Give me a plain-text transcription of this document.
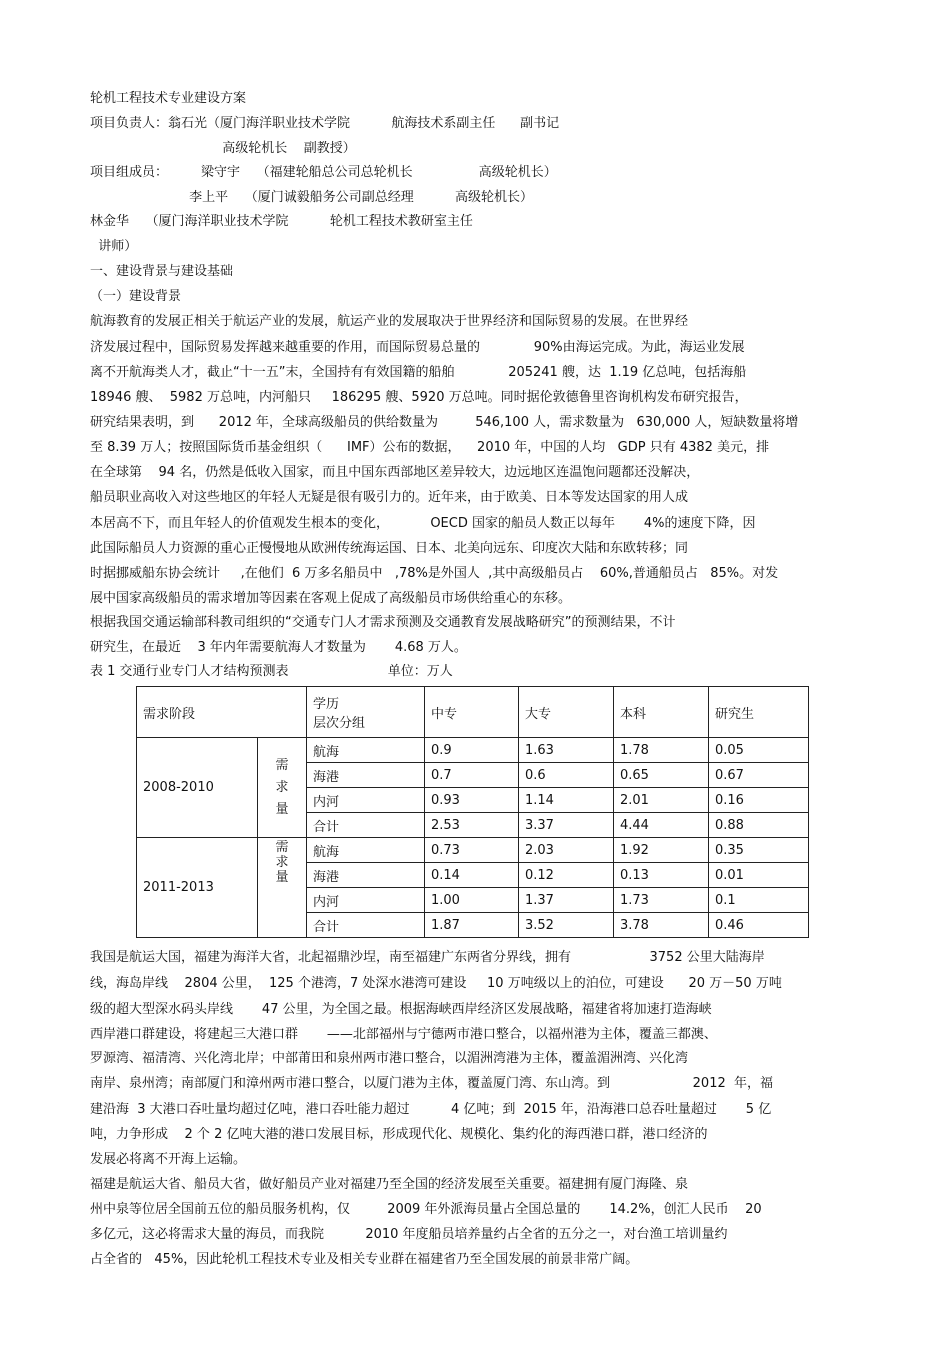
轮机工程技术专业建设方案
项目负责人：翁石光（厦门海洋职业技术学院          航海技术系副主任      副书记
高级轮机长    副教授）
项目组成员：        梁守宇    （福建轮船总公司总轮机长                高级轮机长）
李上平    （厦门诚毅船务公司副总经理          高级轮机长）
林金华    （厦门海洋职业技术学院          轮机工程技术教研室主任
讲师）
一、建设背景与建设基础
（一）建设背景
航海教育的发展正相关于航运产业的发展，航运产业的发展取决于世界经济和国际贸易的发展。在世界经
济发展过程中，国际贸易发挥越来越重要的作用，而国际贸易总量的             90%由海运完成。为此，海运业发展
离不开航海类人才，截止“十一五”末，全国持有有效国籍的船舶             205241 艘，达  1.19 亿总吨，包括海船
18946 艘、  5982 万总吨，内河船只     186295 艘、5920 万总吨。同时据伦敦德鲁里咨询机构发布研究报告，
研究结果表明，到      2012 年，全球高级船员的供给数量为         546,100 人，需求数量为   630,000 人，短缺数量将增
至 8.39 万人；按照国际货币基金组织（      IMF）公布的数据，    2010 年，中国的人均   GDP 只有 4382 美元，排
在全球第    94 名，仍然是低收入国家，而且中国东西部地区差异较大，边远地区连温饱问题都还没解决，
船员职业高收入对这些地区的年轻人无疑是很有吸引力的。近年来，由于欧美、日本等发达国家的用人成
本居高不下，而且年轻人的价值观发生根本的变化，          OECD 国家的船员人数正以每年       4%的速度下降，因
此国际船员人力资源的重心正慢慢地从欧洲传统海运国、日本、北美向远东、印度次大陆和东欧转移；同
时据挪威船东协会统计     ,在他们  6 万多名船员中   ,78%是外国人  ,其中高级船员占    60%,普通船员占   85%。对发
展中国家高级船员的需求增加等因素在客观上促成了高级船员市场供给重心的东移。
根据我国交通运输部科教司组织的“交通专门人才需求预测及交通教育发展战略研究”的预测结果，不计
研究生，在最近    3 年内年需要航海人才数量为       4.68 万人。
表 1 交通行业专门人才结构预测表                        单位：万人
需求阶段		学历
层次分组	中专	大专	本科	研究生
2008-2010	需
求
量	航海	0.9	1.63	1.78	0.05
		海港	0.7	0.6	0.65	0.67
		内河	0.93	1.14	2.01	0.16
		合计	2.53	3.37	4.44	0.88
2011-2013	需
求
量	航海	0.73	2.03	1.92	0.35
		海港	0.14	0.12	0.13	0.01
		内河	1.00	1.37	1.73	0.1
		合计	1.87	3.52	3.78	0.46
我国是航运大国，福建为海洋大省，北起福鼎沙埕，南至福建广东两省分界线，拥有                   3752 公里大陆海岸
线，海岛岸线    2804 公里，  125 个港湾，7 处深水港湾可建设     10 万吨级以上的泊位，可建设      20 万－50 万吨
级的超大型深水码头岸线       47 公里，为全国之最。根据海峡西岸经济区发展战略，福建省将加速打造海峡
西岸港口群建设，将建起三大港口群       ——北部福州与宁德两市港口整合，以福州港为主体，覆盖三都澳、
罗源湾、福清湾、兴化湾北岸；中部莆田和泉州两市港口整合，以湄洲湾港为主体，覆盖湄洲湾、兴化湾
南岸、泉州湾；南部厦门和漳州两市港口整合，以厦门港为主体，覆盖厦门湾、东山湾。到                    2012  年，福
建沿海  3 大港口吞吐量均超过亿吨，港口吞吐能力超过          4 亿吨；到  2015 年，沿海港口总吞吐量超过       5 亿
吨，力争形成    2 个 2 亿吨大港的港口发展目标，形成现代化、规模化、集约化的海西港口群，港口经济的
发展必将离不开海上运输。
福建是航运大省、船员大省，做好船员产业对福建乃至全国的经济发展至关重要。福建拥有厦门海隆、泉
州中泉等位居全国前五位的船员服务机构，仅         2009 年外派海员量占全国总量的       14.2%，创汇人民币    20
多亿元，这必将需求大量的海员，而我院          2010 年度船员培养量约占全省的五分之一，对台渔工培训量约
占全省的   45%，因此轮机工程技术专业及相关专业群在福建省乃至全国发展的前景非常广阔。
